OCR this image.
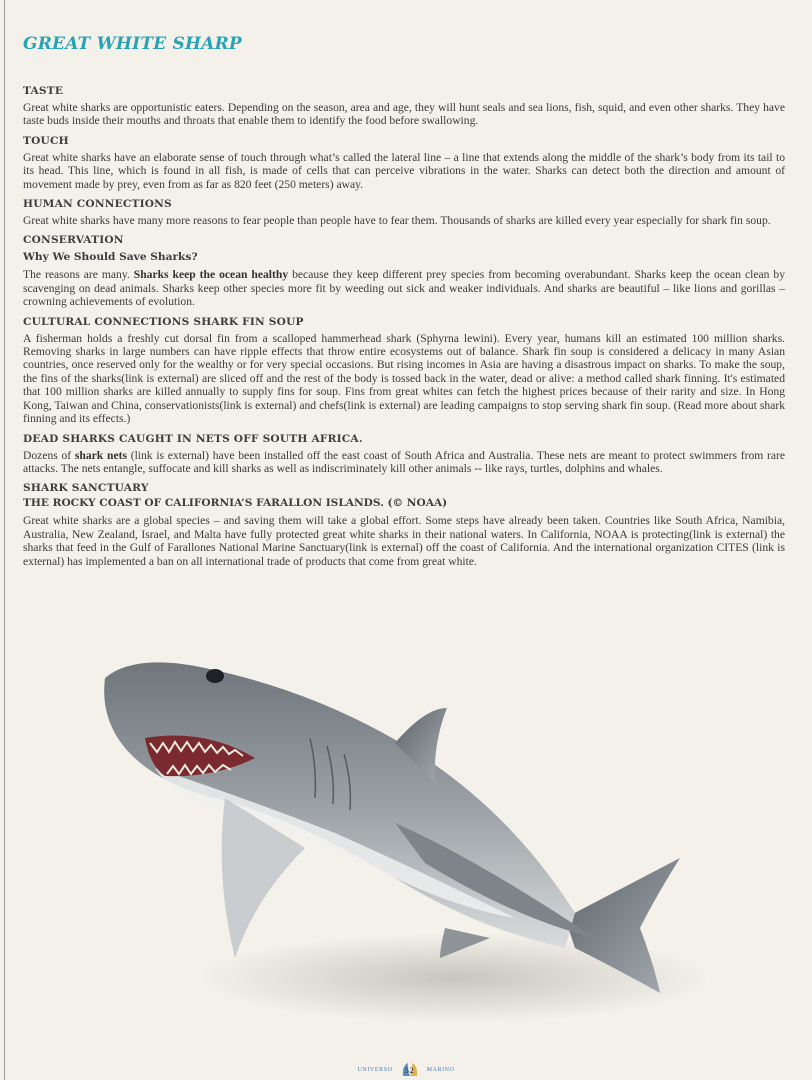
GREAT WHITE SHARP
TASTE

Great white sharks are opportunistic eaters. Depending on the season, area and age, they will hunt seals and sea lions, fish, squid, and even other sharks. They have taste buds inside their mouths and throats that enable them to identify the food before swallowing.

TOUCH

Great white sharks have an elaborate sense of touch through what’s called the lateral line – a line that extends along the middle of the shark’s body from its tail to its head. This line, which is found in all fish, is made of cells that can perceive vibrations in the water. Sharks can detect both the direction and amount of movement made by prey, even from as far as 820 feet (250 meters) away.

HUMAN CONNECTIONS

Great white sharks have many more reasons to fear people than people have to fear them. Thousands of sharks are killed every year especially for shark fin soup.

CONSERVATION
Why We Should Save Sharks?

The reasons are many. Sharks keep the ocean healthy because they keep different prey species from becoming overabundant. Sharks keep the ocean clean by scavenging on dead animals. Sharks keep other species more fit by weeding out sick and weaker individuals. And sharks are beautiful – like lions and gorillas – crowning achievements of evolution.

CULTURAL CONNECTIONS SHARK FIN SOUP

A fisherman holds a freshly cut dorsal fin from a scalloped hammerhead shark (Sphyrna lewini). Every year, humans kill an estimated 100 million sharks. Removing sharks in large numbers can have ripple effects that throw entire ecosystems out of balance. Shark fin soup is considered a delicacy in many Asian countries, once reserved only for the wealthy or for very special occasions. But rising incomes in Asia are having a disastrous impact on sharks. To make the soup, the fins of the sharks(link is external) are sliced off and the rest of the body is tossed back in the water, dead or alive: a method called shark finning. It's estimated that 100 million sharks are killed annually to supply fins for soup. Fins from great whites can fetch the highest prices because of their rarity and size. In Hong Kong, Taiwan and China, conservationists(link is external) and chefs(link is external) are leading campaigns to stop serving shark fin soup. (Read more about shark finning and its effects.)

DEAD SHARKS CAUGHT IN NETS OFF SOUTH AFRICA.

Dozens of shark nets (link is external) have been installed off the east coast of South Africa and Australia. These nets are meant to protect swimmers from rare attacks. The nets entangle, suffocate and kill sharks as well as indiscriminately kill other animals -- like rays, turtles, dolphins and whales.

SHARK SANCTUARY
THE ROCKY COAST OF CALIFORNIA’S FARALLON ISLANDS. (© NOAA)

Great white sharks are a global species – and saving them will take a global effort. Some steps have already been taken. Countries like South Africa, Namibia, Australia, New Zealand, Israel, and Malta have fully protected great white sharks in their national waters. In California, NOAA is protecting(link is external) the sharks that feed in the Gulf of Farallones National Marine Sanctuary(link is external) off the coast of California. And the international organization CITES (link is external) has implemented a ban on all international trade of products that come from great white.

UNIVERSO 52 MARINO
